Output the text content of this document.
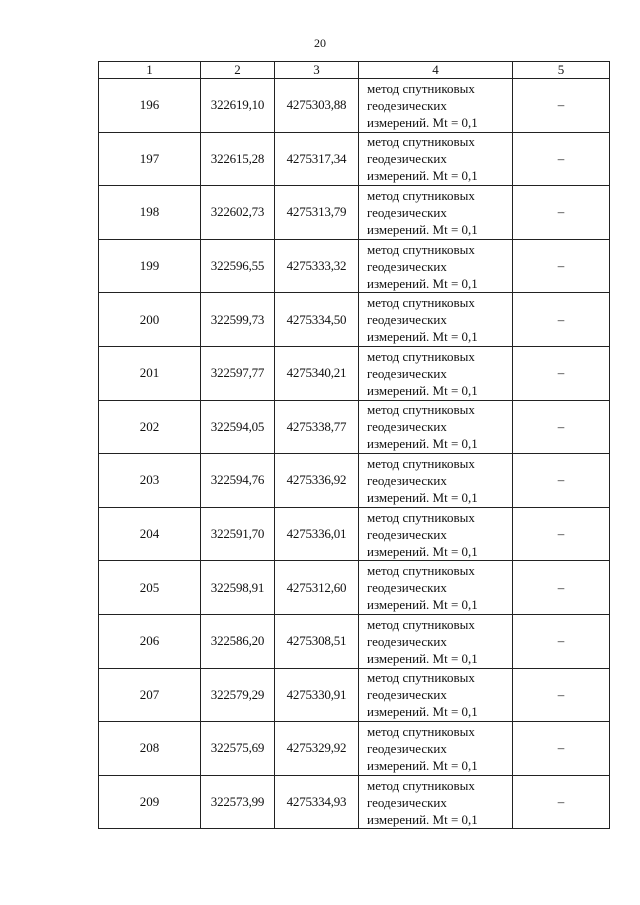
20
1	2	3	4	5
196	322619,10	4275303,88	метод спутниковых
геодезических
измерений. Mt = 0,1	–
197	322615,28	4275317,34	метод спутниковых
геодезических
измерений. Mt = 0,1	–
198	322602,73	4275313,79	метод спутниковых
геодезических
измерений. Mt = 0,1	–
199	322596,55	4275333,32	метод спутниковых
геодезических
измерений. Mt = 0,1	–
200	322599,73	4275334,50	метод спутниковых
геодезических
измерений. Mt = 0,1	–
201	322597,77	4275340,21	метод спутниковых
геодезических
измерений. Mt = 0,1	–
202	322594,05	4275338,77	метод спутниковых
геодезических
измерений. Mt = 0,1	–
203	322594,76	4275336,92	метод спутниковых
геодезических
измерений. Mt = 0,1	–
204	322591,70	4275336,01	метод спутниковых
геодезических
измерений. Mt = 0,1	–
205	322598,91	4275312,60	метод спутниковых
геодезических
измерений. Mt = 0,1	–
206	322586,20	4275308,51	метод спутниковых
геодезических
измерений. Mt = 0,1	–
207	322579,29	4275330,91	метод спутниковых
геодезических
измерений. Mt = 0,1	–
208	322575,69	4275329,92	метод спутниковых
геодезических
измерений. Mt = 0,1	–
209	322573,99	4275334,93	метод спутниковых
геодезических
измерений. Mt = 0,1	–
